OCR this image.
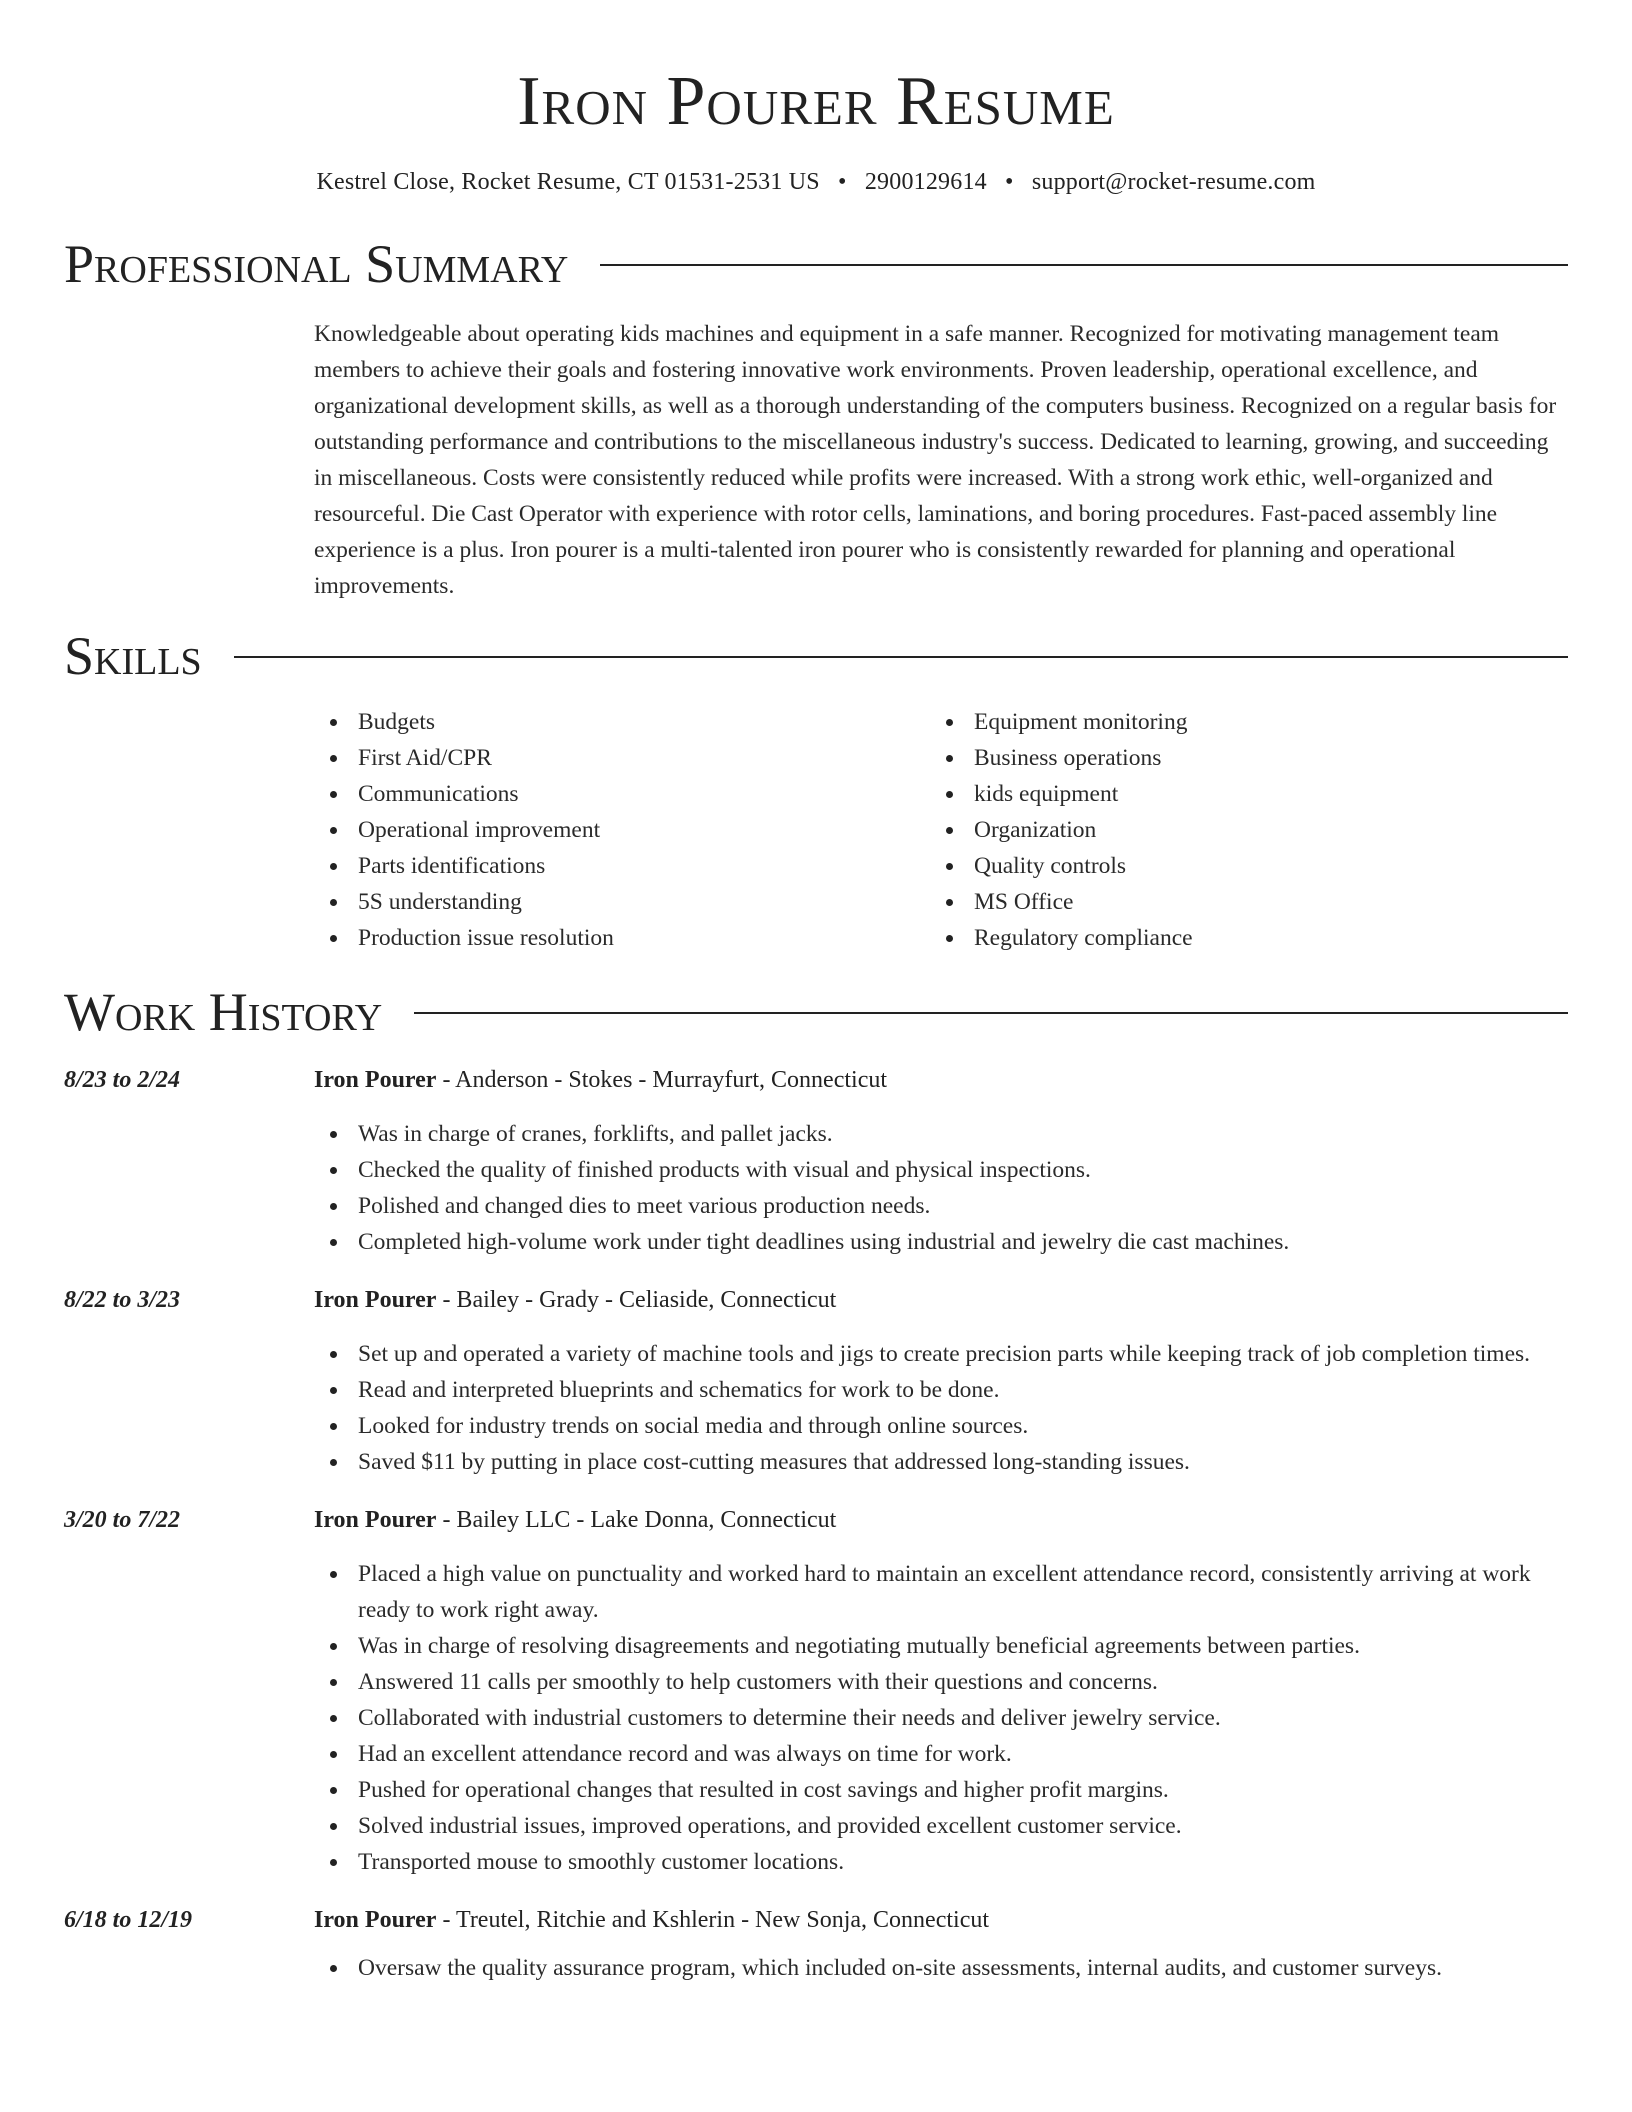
Iron Pourer Resume
Kestrel Close, Rocket Resume, CT 01531-2531 US • 2900129614 • support@rocket-resume.com
Professional Summary
Knowledgeable about operating kids machines and equipment in a safe manner. Recognized for motivating management team members to achieve their goals and fostering innovative work environments. Proven leadership, operational excellence, and organizational development skills, as well as a thorough understanding of the computers business. Recognized on a regular basis for outstanding performance and contributions to the miscellaneous industry's success. Dedicated to learning, growing, and succeeding in miscellaneous. Costs were consistently reduced while profits were increased. With a strong work ethic, well-organized and resourceful. Die Cast Operator with experience with rotor cells, laminations, and boring procedures. Fast-paced assembly line experience is a plus. Iron pourer is a multi-talented iron pourer who is consistently rewarded for planning and operational improvements.
Skills
Budgets
First Aid/CPR
Communications
Operational improvement
Parts identifications
5S understanding
Production issue resolution
Equipment monitoring
Business operations
kids equipment
Organization
Quality controls
MS Office
Regulatory compliance
Work History
8/23 to 2/24	Iron Pourer - Anderson - Stokes - Murrayfurt, Connecticut
Was in charge of cranes, forklifts, and pallet jacks.
Checked the quality of finished products with visual and physical inspections.
Polished and changed dies to meet various production needs.
Completed high-volume work under tight deadlines using industrial and jewelry die cast machines.
8/22 to 3/23	Iron Pourer - Bailey - Grady - Celiaside, Connecticut
Set up and operated a variety of machine tools and jigs to create precision parts while keeping track of job completion times.
Read and interpreted blueprints and schematics for work to be done.
Looked for industry trends on social media and through online sources.
Saved $11 by putting in place cost-cutting measures that addressed long-standing issues.
3/20 to 7/22	Iron Pourer - Bailey LLC - Lake Donna, Connecticut
Placed a high value on punctuality and worked hard to maintain an excellent attendance record, consistently arriving at work ready to work right away.
Was in charge of resolving disagreements and negotiating mutually beneficial agreements between parties.
Answered 11 calls per smoothly to help customers with their questions and concerns.
Collaborated with industrial customers to determine their needs and deliver jewelry service.
Had an excellent attendance record and was always on time for work.
Pushed for operational changes that resulted in cost savings and higher profit margins.
Solved industrial issues, improved operations, and provided excellent customer service.
Transported mouse to smoothly customer locations.
6/18 to 12/19	Iron Pourer - Treutel, Ritchie and Kshlerin - New Sonja, Connecticut
Oversaw the quality assurance program, which included on-site assessments, internal audits, and customer surveys.
